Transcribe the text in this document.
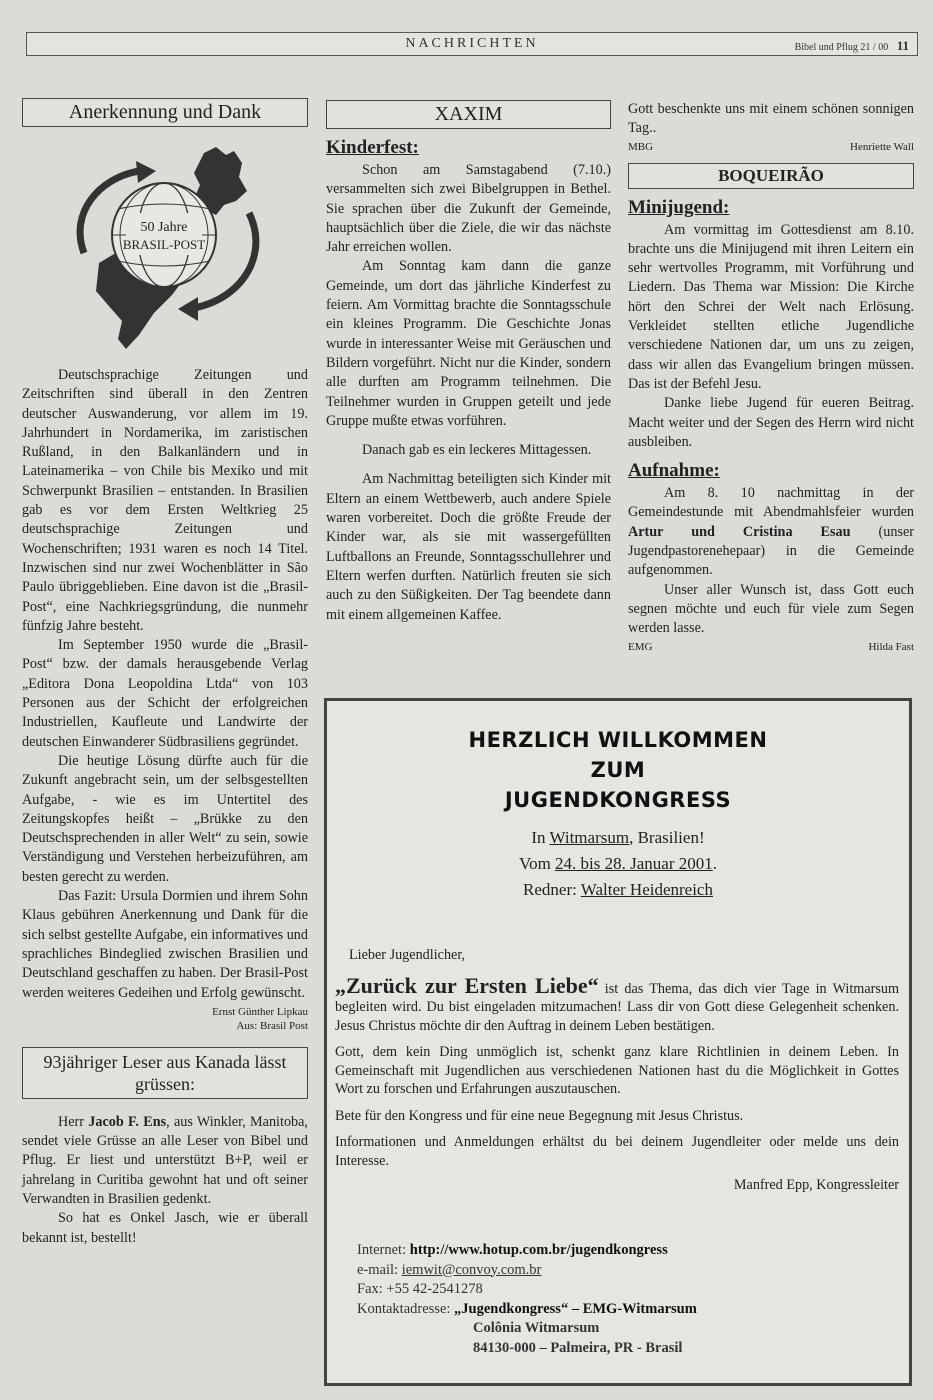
NACHRICHTEN	Bibel und Pflug 21 / 00 11
Anerkennung und Dank
50 Jahre
BRASIL-POST

Deutschsprachige Zeitungen und Zeitschriften sind überall in den Zentren deutscher Auswanderung, vor allem im 19. Jahrhundert in Nordamerika, im zaristischen Rußland, in den Balkanländern und in Lateinamerika – von Chile bis Mexiko und mit Schwerpunkt Brasilien – entstanden. In Brasilien gab es vor dem Ersten Weltkrieg 25 deutschsprachige Zeitungen und Wochenschriften; 1931 waren es noch 14 Titel. Inzwischen sind nur zwei Wochenblätter in São Paulo übriggeblieben. Eine davon ist die „Brasil-Post“, eine Nachkriegsgründung, die nunmehr fünfzig Jahre besteht.

Im September 1950 wurde die „Brasil-Post“ bzw. der damals herausgebende Verlag „Editora Dona Leopoldina Ltda“ von 103 Personen aus der Schicht der erfolgreichen Industriellen, Kaufleute und Landwirte der deutschen Einwanderer Südbrasiliens gegründet.

Die heutige Lösung dürfte auch für die Zukunft angebracht sein, um der selbsgestellten Aufgabe, - wie es im Untertitel des Zeitungskopfes heißt – „Brükke zu den Deutschsprechenden in aller Welt“ zu sein, sowie Verständigung und Verstehen herbeizuführen, am besten gerecht zu werden.

Das Fazit: Ursula Dormien und ihrem Sohn Klaus gebühren Anerkennung und Dank für die sich selbst gestellte Aufgabe, ein informatives und sprachliches Bindeglied zwischen Brasilien und Deutschland geschaffen zu haben. Der Brasil-Post werden weiteres Gedeihen und Erfolg gewünscht.

Ernst Günther Lipkau
Aus: Brasil Post
93jähriger Leser aus Kanada lässt grüssen:

Herr Jacob F. Ens, aus Winkler, Manitoba, sendet viele Grüsse an alle Leser von Bibel und Pflug. Er liest und unterstützt B+P, weil er jahrelang in Curitiba gewohnt hat und oft seiner Verwandten in Brasilien gedenkt.

So hat es Onkel Jasch, wie er überall bekannt ist, bestellt!

XAXIM
Kinderfest:

Schon am Samstagabend (7.10.) versammelten sich zwei Bibelgruppen in Bethel. Sie sprachen über die Zukunft der Gemeinde, hauptsächlich über die Ziele, die wir das nächste Jahr erreichen wollen.

Am Sonntag kam dann die ganze Gemeinde, um dort das jährliche Kinderfest zu feiern. Am Vormittag brachte die Sonntagsschule ein kleines Programm. Die Geschichte Jonas wurde in interessanter Weise mit Geräuschen und Bildern vorgeführt. Nicht nur die Kinder, sondern alle durften am Programm teilnehmen. Die Teilnehmer wurden in Gruppen geteilt und jede Gruppe mußte etwas vorführen.

Danach gab es ein leckeres Mittagessen.

Am Nachmittag beteiligten sich Kinder mit Eltern an einem Wettbewerb, auch andere Spiele waren vorbereitet. Doch die größte Freude der Kinder war, als sie mit wassergefüllten Luftballons an Freunde, Sonntagsschullehrer und Eltern werfen durften. Natürlich freuten sie sich auch zu den Süßigkeiten. Der Tag beendete dann mit einem allgemeinen Kaffee.

Gott beschenkte uns mit einem schönen sonnigen Tag..

MBG	Henriette Wall
BOQUEIRÃO
Minijugend:

Am vormittag im Gottesdienst am 8.10. brachte uns die Minijugend mit ihren Leitern ein sehr wertvolles Programm, mit Vorführung und Liedern. Das Thema war Mission: Die Kirche hört den Schrei der Welt nach Erlösung. Verkleidet stellten etliche Jugendliche verschiedene Nationen dar, um uns zu zeigen, dass wir allen das Evangelium bringen müssen. Das ist der Befehl Jesu.

Danke liebe Jugend für eueren Beitrag. Macht weiter und der Segen des Herrn wird nicht ausbleiben.

Aufnahme:

Am 8. 10 nachmittag in der Gemeindestunde mit Abendmahlsfeier wurden Artur und Cristina Esau (unser Jugendpastorenehepaar) in die Gemeinde aufgenommen.

Unser aller Wunsch ist, dass Gott euch segnen möchte und euch für viele zum Segen werden lasse.

EMG	Hilda Fast
HERZLICH WILLKOMMEN
ZUM
JUGENDKONGRESS
In Witmarsum, Brasilien!
Vom 24. bis 28. Januar 2001.
Redner: Walter Heidenreich

Lieber Jugendlicher,

„Zurück zur Ersten Liebe“ ist das Thema, das dich vier Tage in Witmarsum begleiten wird. Du bist eingeladen mitzumachen! Lass dir von Gott diese Gelegenheit schenken. Jesus Christus möchte dir den Auftrag in deinem Leben bestätigen.

Gott, dem kein Ding unmöglich ist, schenkt ganz klare Richtlinien in deinem Leben. In Gemeinschaft mit Jugendlichen aus verschiedenen Nationen hast du die Möglichkeit in Gottes Wort zu forschen und Erfahrungen auszutauschen.

Bete für den Kongress und für eine neue Begegnung mit Jesus Christus.

Informationen und Anmeldungen erhältst du bei deinem Jugendleiter oder melde uns dein Interesse.

Manfred Epp, Kongressleiter

Internet: http://www.hotup.com.br/jugendkongress
e-mail: iemwit@convoy.com.br
Fax: +55 42-2541278
Kontaktadresse: „Jugendkongress“ – EMG-Witmarsum
Colônia Witmarsum
84130-000 – Palmeira, PR - Brasil
